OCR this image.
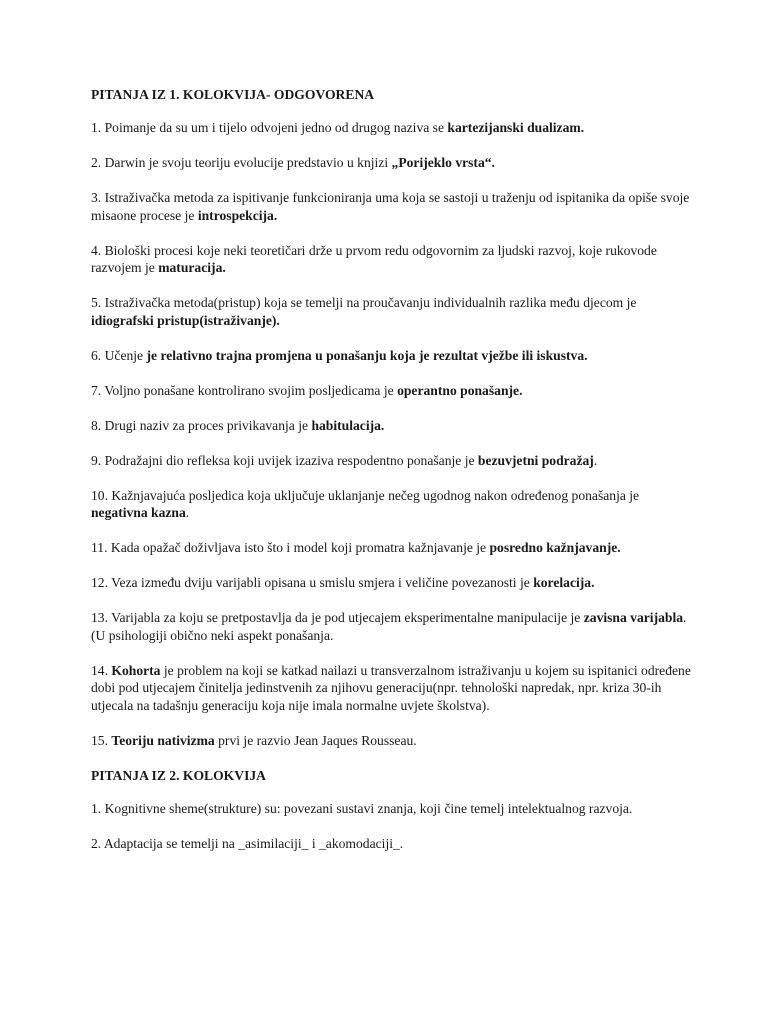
PITANJA IZ 1. KOLOKVIJA- ODGOVORENA
1. Poimanje da su um i tijelo odvojeni jedno od drugog naziva se kartezijanski dualizam.
2. Darwin je svoju teoriju evolucije predstavio u knjizi „Porijeklo vrsta“.
3. Istraživačka metoda za ispitivanje funkcioniranja uma koja se sastoji u traženju od ispitanika da opiše svoje misaone procese je introspekcija.
4. Biološki procesi koje neki teoretičari drže u prvom redu odgovornim za ljudski razvoj, koje rukovode razvojem je maturacija.
5. Istraživačka metoda(pristup) koja se temelji na proučavanju individualnih razlika među djecom je idiografski pristup(istraživanje).
6. Učenje je relativno trajna promjena u ponašanju koja je rezultat vježbe ili iskustva.
7. Voljno ponašane kontrolirano svojim posljedicama je operantno ponašanje.
8. Drugi naziv za proces privikavanja je habitulacija.
9. Podražajni dio refleksa koji uvijek izaziva respodentno ponašanje je bezuvjetni podražaj.
10. Kažnjavajuća posljedica koja uključuje uklanjanje nečeg ugodnog nakon određenog ponašanja je negativna kazna.
11. Kada opažač doživljava isto što i model koji promatra kažnjavanje je posredno kažnjavanje.
12. Veza između dviju varijabli opisana u smislu smjera i veličine povezanosti je korelacija.
13. Varijabla za koju se pretpostavlja da je pod utjecajem eksperimentalne manipulacije je zavisna varijabla.(U psihologiji obično neki aspekt ponašanja.
14. Kohorta je problem na koji se katkad nailazi u transverzalnom istraživanju u kojem su ispitanici određene dobi pod utjecajem činitelja jedinstvenih za njihovu generaciju(npr. tehnološki napredak, npr. kriza 30-ih utjecala na tadašnju generaciju koja nije imala normalne uvjete školstva).
15. Teoriju nativizma prvi je razvio Jean Jaques Rousseau.
PITANJA IZ 2. KOLOKVIJA
1. Kognitivne sheme(strukture) su: povezani sustavi znanja, koji čine temelj intelektualnog razvoja.
2. Adaptacija se temelji na _asimilaciji_ i _akomodaciji_.
